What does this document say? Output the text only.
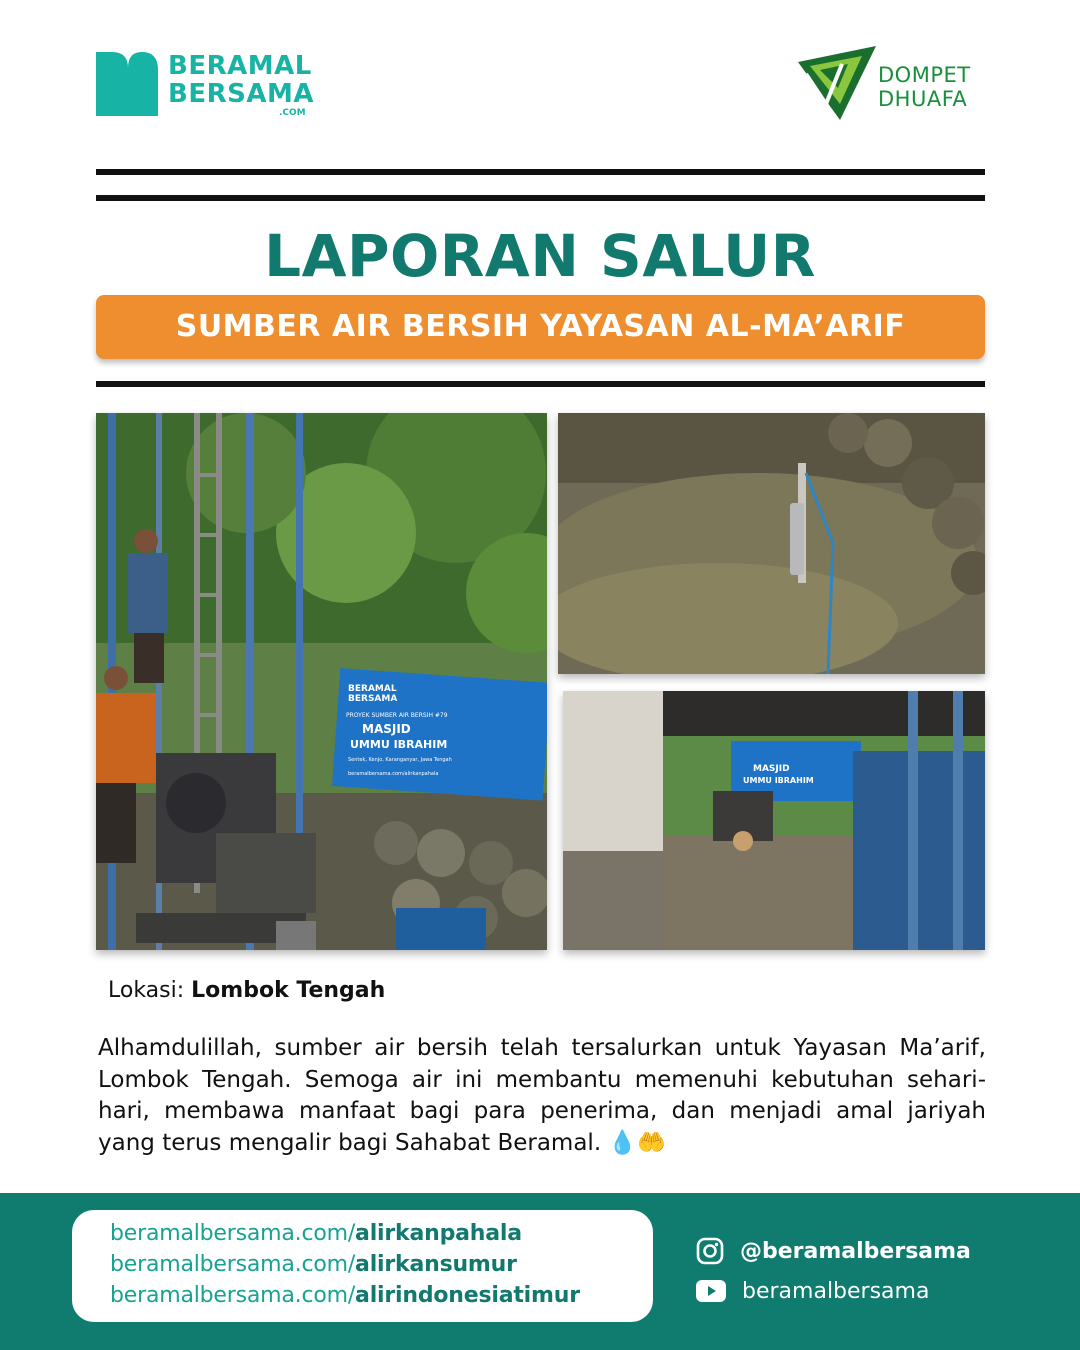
BERAMAL
BERSAMA
.COM
DOMPET
DHUAFA
LAPORAN SALUR
SUMBER AIR BERSIH YAYASAN AL-MA’ARIF
BERAMAL
BERSAMA
PROYEK SUMBER AIR BERSIH #79
MASJID
UMMU IBRAHIM
Sentek, Kenjo, Karanganyar, Jawa Tengah
beramalbersama.com/alirkanpahala	MASJID
UMMU IBRAHIM
Lokasi: Lombok Tengah
Alhamdulillah, sumber air bersih telah tersalurkan untuk Yayasan Ma’arif, Lombok Tengah. Semoga air ini membantu memenuhi kebutuhan sehari-hari, membawa manfaat bagi para penerima, dan menjadi amal jariyah yang terus mengalir bagi Sahabat Beramal. 💧🤲
beramalbersama.com/alirkanpahala
beramalbersama.com/alirkansumur
beramalbersama.com/alirindonesiatimur
@beramalbersama
beramalbersama
